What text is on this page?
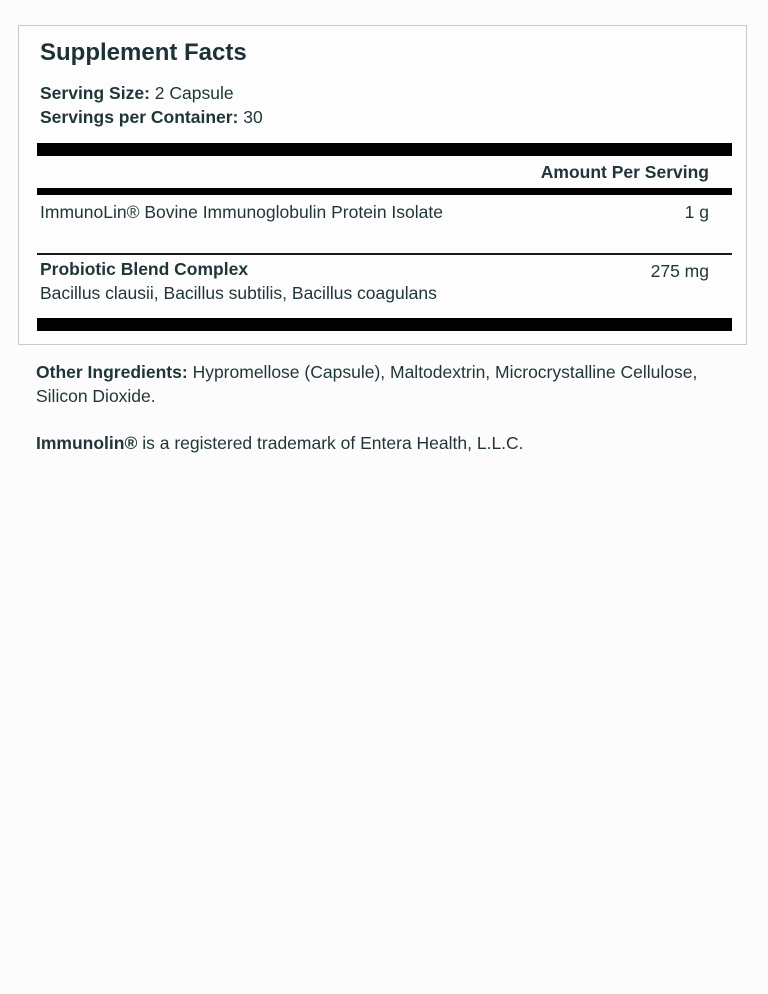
Supplement Facts
Serving Size: 2 Capsule
Servings per Container: 30
Amount Per Serving
ImmunoLin® Bovine Immunoglobulin Protein Isolate	1 g
Probiotic Blend Complex
Bacillus clausii, Bacillus subtilis, Bacillus coagulans
275 mg

Other Ingredients: Hypromellose (Capsule), Maltodextrin, Microcrystalline Cellulose, Silicon Dioxide.

Immunolin® is a registered trademark of Entera Health, L.L.C.
